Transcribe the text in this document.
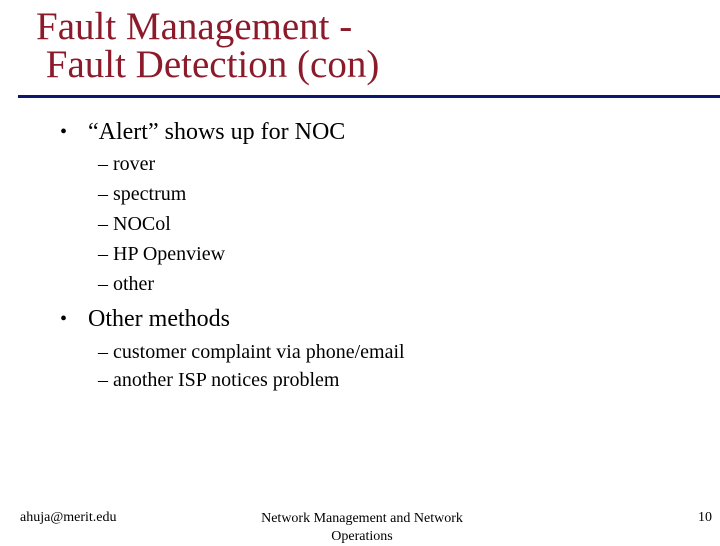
Fault Management -
Fault Detection (con)
• “Alert” shows up for NOC
– rover
– spectrum
– NOCol
– HP Openview
– other
• Other methods
– customer complaint via phone/email
– another ISP notices problem
ahuja@merit.edu	Network Management and Network Operations
10
